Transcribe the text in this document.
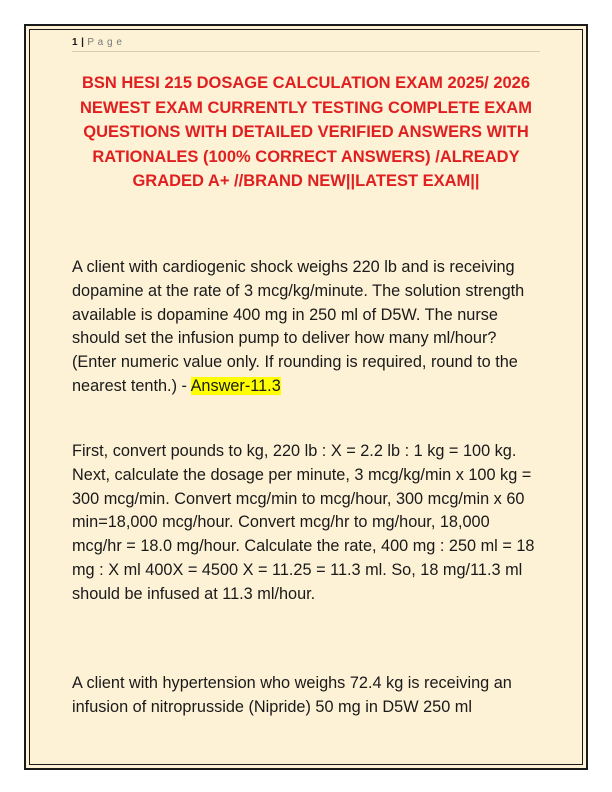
1 | P a g e
BSN HESI 215 DOSAGE CALCULATION EXAM 2025/ 2026 NEWEST EXAM CURRENTLY TESTING COMPLETE EXAM QUESTIONS WITH DETAILED VERIFIED ANSWERS WITH RATIONALES (100% CORRECT ANSWERS) /ALREADY GRADED A+ //BRAND NEW||LATEST EXAM||
A client with cardiogenic shock weighs 220 lb and is receiving dopamine at the rate of 3 mcg/kg/minute. The solution strength available is dopamine 400 mg in 250 ml of D5W. The nurse should set the infusion pump to deliver how many ml/hour? (Enter numeric value only. If rounding is required, round to the nearest tenth.) - Answer-11.3
First, convert pounds to kg, 220 lb : X = 2.2 lb : 1 kg = 100 kg. Next, calculate the dosage per minute, 3 mcg/kg/min x 100 kg = 300 mcg/min. Convert mcg/min to mcg/hour, 300 mcg/min x 60 min=18,000 mcg/hour. Convert mcg/hr to mg/hour, 18,000 mcg/hr = 18.0 mg/hour. Calculate the rate, 400 mg : 250 ml = 18 mg : X ml 400X = 4500 X = 11.25 = 11.3 ml. So, 18 mg/11.3 ml should be infused at 11.3 ml/hour.
A client with hypertension who weighs 72.4 kg is receiving an infusion of nitroprusside (Nipride) 50 mg in D5W 250 ml
